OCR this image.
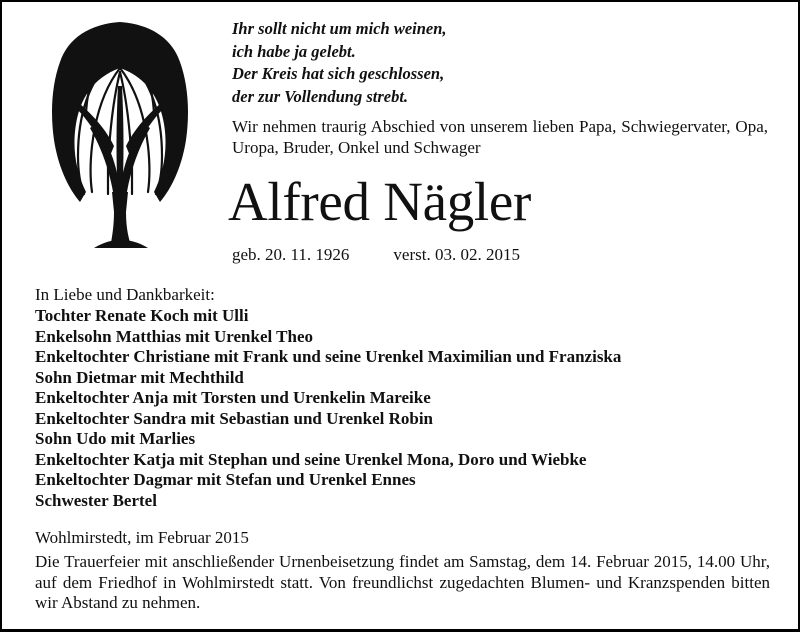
Ihr sollt nicht um mich weinen,
ich habe ja gelebt.
Der Kreis hat sich geschlossen,
der zur Vollendung strebt.
Wir nehmen traurig Abschied von unserem lieben Papa, Schwiegervater, Opa, Uropa, Bruder, Onkel und Schwager
Alfred Nägler
geb. 20. 11. 1926	verst. 03. 02. 2015
In Liebe und Dankbarkeit:
Tochter Renate Koch mit Ulli
Enkelsohn Matthias mit Urenkel Theo
Enkeltochter Christiane mit Frank und seine Urenkel Maximilian und Franziska
Sohn Dietmar mit Mechthild
Enkeltochter Anja mit Torsten und Urenkelin Mareike
Enkeltochter Sandra mit Sebastian und Urenkel Robin
Sohn Udo mit Marlies
Enkeltochter Katja mit Stephan und seine Urenkel Mona, Doro und Wiebke
Enkeltochter Dagmar mit Stefan und Urenkel Ennes
Schwester Bertel
Wohlmirstedt, im Februar 2015
Die Trauerfeier mit anschließender Urnenbeisetzung findet am Samstag, dem 14. Februar 2015, 14.00 Uhr, auf dem Friedhof in Wohlmirstedt statt. Von freundlichst zugedachten Blumen- und Kranzspenden bitten wir Abstand zu nehmen.
